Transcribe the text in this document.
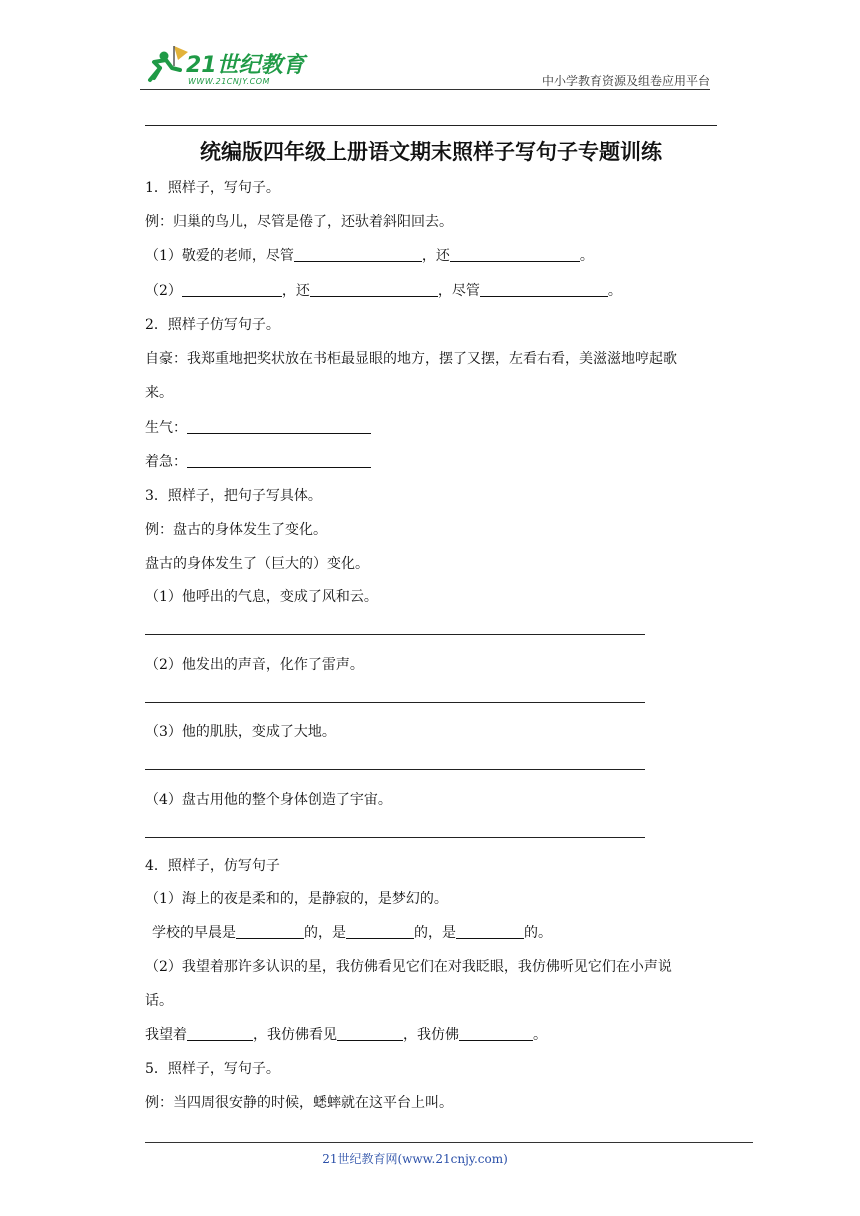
21世纪教育
WWW.21CNJY.COM	中小学教育资源及组卷应用平台
统编版四年级上册语文期末照样子写句子专题训练
1．照样子，写句子。
例：归巢的鸟儿，尽管是倦了，还驮着斜阳回去。
（1）敬爱的老师，尽管	，还	。
（2）	，还	，尽管	。
2．照样子仿写句子。
自豪：我郑重地把奖状放在书柜最显眼的地方，摆了又摆，左看右看，美滋滋地哼起歌
来。
生气：
着急：
3．照样子，把句子写具体。
例：盘古的身体发生了变化。
盘古的身体发生了（巨大的）变化。
（1）他呼出的气息，变成了风和云。
（2）他发出的声音，化作了雷声。
（3）他的肌肤，变成了大地。
（4）盘古用他的整个身体创造了宇宙。
4．照样子，仿写句子
（1）海上的夜是柔和的，是静寂的，是梦幻的。
学校的早晨是	的，是	的，是	的。
（2）我望着那许多认识的星，我仿佛看见它们在对我眨眼，我仿佛听见它们在小声说
话。
我望着	，我仿佛看见	，我仿佛	。
5．照样子，写句子。
例：当四周很安静的时候，蟋蟀就在这平台上叫。
21世纪教育网(www.21cnjy.com)
